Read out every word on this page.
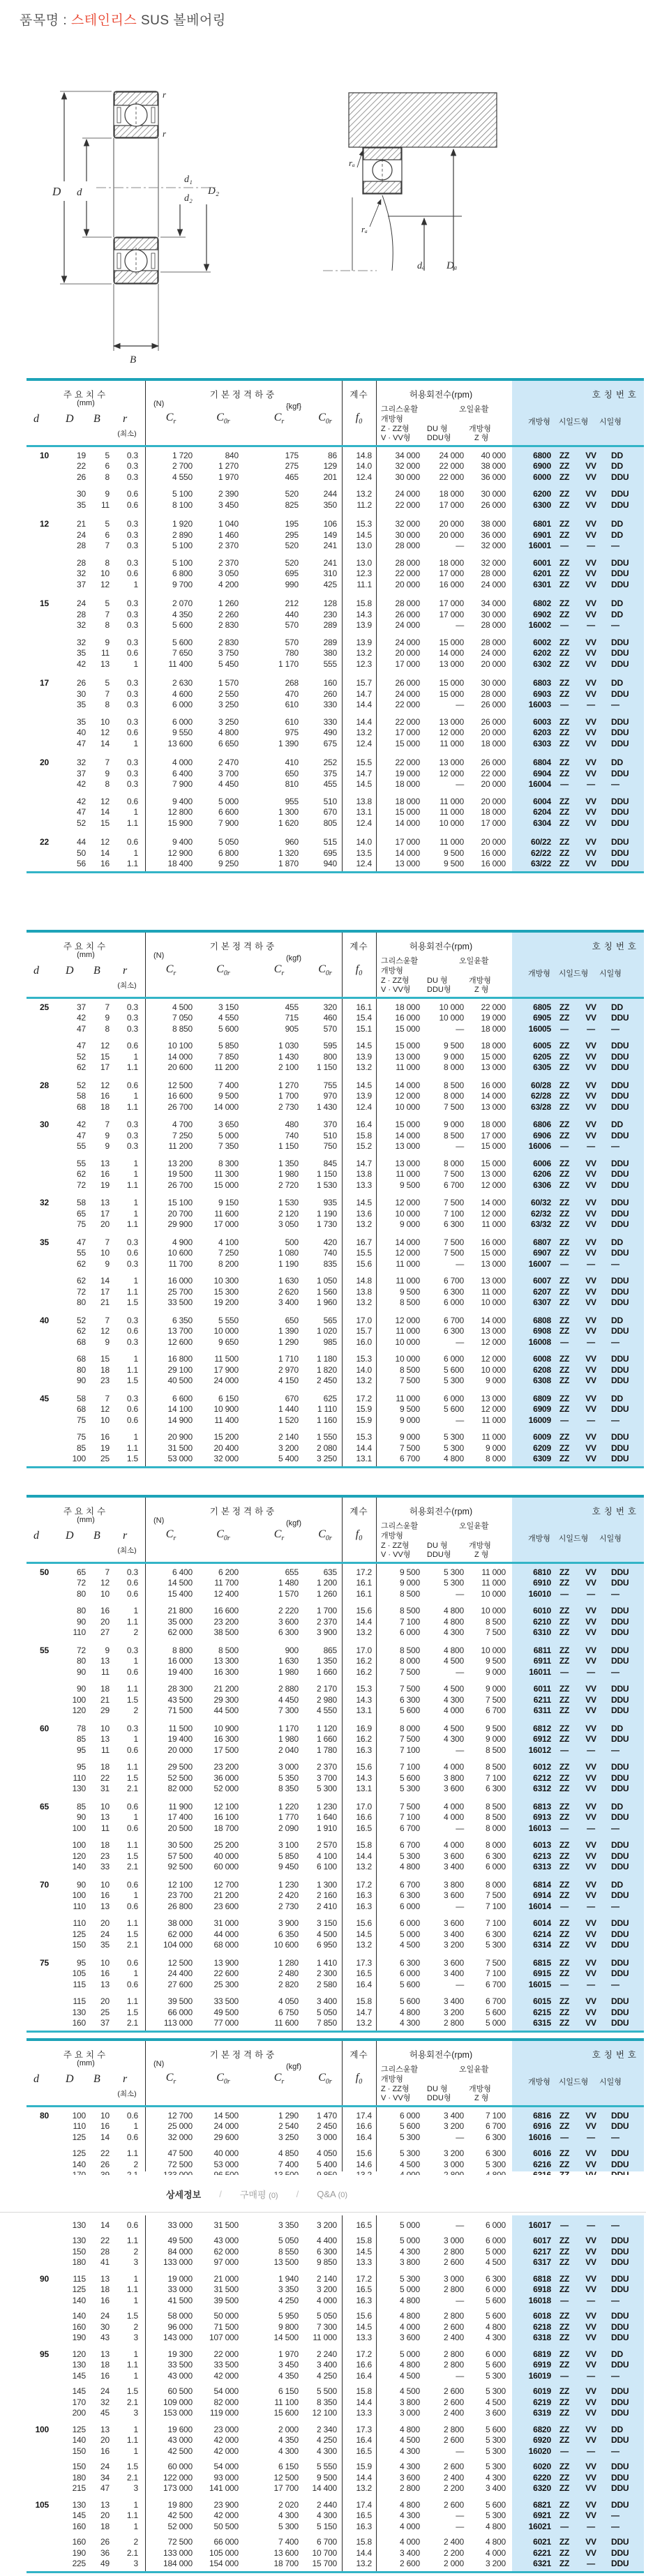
품목명 : 스테인리스 SUS 볼베어링
D d
d₁
d₂
D₂
B
r
r
rₐ
rₐ
dₐ Dₐ
주요치수
(mm)
d D B r
(최소)
기본정격하중
(N)	{kgf}
$C_r$	$C_{0r}$	$C_r$	$C_{0r}$
계수
$f_0$
허용회전수(rpm)
그리스윤활	오일윤활
개방형
Z · ZZ형 DU 형	개방형
V · VV형 DDU형	Z 형
호칭번호
개방형	시일드형	시일형
10	19	5	0.3	1 720	840	175	86	14.8	34 000	24 000	40 000	6800 ZZ	VV	DD
22	6	0.3	2 700	1 270	275	129	14.0	32 000	22 000	38 000	6900 ZZ	VV	DD
26	8	0.3	4 550	1 970	465	201	12.4	30 000	22 000	36 000	6000 ZZ	VV	DDU
30	9	0.6	5 100	2 390	520	244	13.2	24 000	18 000	30 000	6200 ZZ	VV	DDU
35	11	0.6	8 100	3 450	825	350	11.2	22 000	17 000	26 000	6300 ZZ	VV	DDU
12	21	5	0.3	1 920	1 040	195	106	15.3	32 000	20 000	38 000	6801 ZZ	VV	DD
24	6	0.3	2 890	1 460	295	149	14.5	30 000	20 000	36 000	6901 ZZ	VV	DD
28	7	0.3	5 100	2 370	520	241	13.0	28 000	—	32 000	16001	—	—	—
28	8	0.3	5 100	2 370	520	241	13.0	28 000	18 000	32 000	6001 ZZ	VV	DDU
32	10	0.6	6 800	3 050	695	310	12.3	22 000	17 000	28 000	6201 ZZ	VV	DDU
37	12	1	9 700	4 200	990	425	11.1	20 000	16 000	24 000	6301 ZZ	VV	DDU
15	24	5	0.3	2 070	1 260	212	128	15.8	28 000	17 000	34 000	6802 ZZ	VV	DD
28	7	0.3	4 350	2 260	440	230	14.3	26 000	17 000	30 000	6902 ZZ	VV	DD
32	8	0.3	5 600	2 830	570	289	13.9	24 000	—	28 000	16002	—	—	—
32	9	0.3	5 600	2 830	570	289	13.9	24 000	15 000	28 000	6002 ZZ	VV	DDU
35	11	0.6	7 650	3 750	780	380	13.2	20 000	14 000	24 000	6202 ZZ	VV	DDU
42	13	1	11 400	5 450	1 170	555	12.3	17 000	13 000	20 000	6302 ZZ	VV	DDU
17	26	5	0.3	2 630	1 570	268	160	15.7	26 000	15 000	30 000	6803 ZZ	VV	DD
30	7	0.3	4 600	2 550	470	260	14.7	24 000	15 000	28 000	6903 ZZ	VV	DDU
35	8	0.3	6 000	3 250	610	330	14.4	22 000	—	26 000	16003	—	—	—
35	10	0.3	6 000	3 250	610	330	14.4	22 000	13 000	26 000	6003 ZZ	VV	DDU
40	12	0.6	9 550	4 800	975	490	13.2	17 000	12 000	20 000	6203 ZZ	VV	DDU
47	14	1	13 600	6 650	1 390	675	12.4	15 000	11 000	18 000	6303 ZZ	VV	DDU
20	32	7	0.3	4 000	2 470	410	252	15.5	22 000	13 000	26 000	6804 ZZ	VV	DD
37	9	0.3	6 400	3 700	650	375	14.7	19 000	12 000	22 000	6904 ZZ	VV	DDU
42	8	0.3	7 900	4 450	810	455	14.5	18 000	—	20 000	16004	—	—	—
42	12	0.6	9 400	5 000	955	510	13.8	18 000	11 000	20 000	6004 ZZ	VV	DDU
47	14	1	12 800	6 600	1 300	670	13.1	15 000	11 000	18 000	6204 ZZ	VV	DDU
52	15	1.1	15 900	7 900	1 620	805	12.4	14 000	10 000	17 000	6304 ZZ	VV	DDU
22	44	12	0.6	9 400	5 050	960	515	14.0	17 000	11 000	20 000	60/22 ZZ	VV	DDU
50	14	1	12 900	6 800	1 320	695	13.5	14 000	9 500	16 000	62/22 ZZ	VV	DDU
56	16	1.1	18 400	9 250	1 870	940	12.4	13 000	9 500	16 000	63/22 ZZ	VV	DDU
주요치수
(mm)
d D B r
(최소)
기본정격하중
(N)	(kgf)
$C_r$	$C_{0r}$	$C_r$	$C_{0r}$
계수
$f_0$
허용회전수(rpm)
그리스윤활	오일윤활
개방형
Z · ZZ형 DU 형	개방형
V · VV형 DDU형	Z 형
호칭번호
개방형	시일드형	시일형
25	37	7	0.3	4 500	3 150	455	320	16.1	18 000	10 000	22 000	6805 ZZ	VV	DD
42	9	0.3	7 050	4 550	715	460	15.4	16 000	10 000	19 000	6905 ZZ	VV	DDU
47	8	0.3	8 850	5 600	905	570	15.1	15 000	—	18 000	16005	—	—	—
47	12	0.6	10 100	5 850	1 030	595	14.5	15 000	9 500	18 000	6005 ZZ	VV	DDU
52	15	1	14 000	7 850	1 430	800	13.9	13 000	9 000	15 000	6205 ZZ	VV	DDU
62	17	1.1	20 600	11 200	2 100	1 150	13.2	11 000	8 000	13 000	6305 ZZ	VV	DDU
28	52	12	0.6	12 500	7 400	1 270	755	14.5	14 000	8 500	16 000	60/28 ZZ	VV	DDU
58	16	1	16 600	9 500	1 700	970	13.9	12 000	8 000	14 000	62/28 ZZ	VV	DDU
68	18	1.1	26 700	14 000	2 730	1 430	12.4	10 000	7 500	13 000	63/28 ZZ	VV	DDU
30	42	7	0.3	4 700	3 650	480	370	16.4	15 000	9 000	18 000	6806 ZZ	VV	DD
47	9	0.3	7 250	5 000	740	510	15.8	14 000	8 500	17 000	6906 ZZ	VV	DDU
55	9	0.3	11 200	7 350	1 150	750	15.2	13 000	—	15 000	16006	—	—	—
55	13	1	13 200	8 300	1 350	845	14.7	13 000	8 000	15 000	6006 ZZ	VV	DDU
62	16	1	19 500	11 300	1 980	1 150	13.8	11 000	7 500	13 000	6206 ZZ	VV	DDU
72	19	1.1	26 700	15 000	2 720	1 530	13.3	9 500	6 700	12 000	6306 ZZ	VV	DDU
32	58	13	1	15 100	9 150	1 530	935	14.5	12 000	7 500	14 000	60/32 ZZ	VV	DDU
65	17	1	20 700	11 600	2 120	1 190	13.6	10 000	7 100	12 000	62/32 ZZ	VV	DDU
75	20	1.1	29 900	17 000	3 050	1 730	13.2	9 000	6 300	11 000	63/32 ZZ	VV	DDU
35	47	7	0.3	4 900	4 100	500	420	16.7	14 000	7 500	16 000	6807 ZZ	VV	DD
55	10	0.6	10 600	7 250	1 080	740	15.5	12 000	7 500	15 000	6907 ZZ	VV	DDU
62	9	0.3	11 700	8 200	1 190	835	15.6	11 000	—	13 000	16007	—	—	—
62	14	1	16 000	10 300	1 630	1 050	14.8	11 000	6 700	13 000	6007 ZZ	VV	DDU
72	17	1.1	25 700	15 300	2 620	1 560	13.8	9 500	6 300	11 000	6207 ZZ	VV	DDU
80	21	1.5	33 500	19 200	3 400	1 960	13.2	8 500	6 000	10 000	6307 ZZ	VV	DDU
40	52	7	0.3	6 350	5 550	650	565	17.0	12 000	6 700	14 000	6808 ZZ	VV	DD
62	12	0.6	13 700	10 000	1 390	1 020	15.7	11 000	6 300	13 000	6908 ZZ	VV	DDU
68	9	0.3	12 600	9 650	1 290	985	16.0	10 000	—	12 000	16008	—	—	—
68	15	1	16 800	11 500	1 710	1 180	15.3	10 000	6 000	12 000	6008 ZZ	VV	DDU
80	18	1.1	29 100	17 900	2 970	1 820	14.0	8 500	5 600	10 000	6208 ZZ	VV	DDU
90	23	1.5	40 500	24 000	4 150	2 450	13.2	7 500	5 300	9 000	6308 ZZ	VV	DDU
45	58	7	0.3	6 600	6 150	670	625	17.2	11 000	6 000	13 000	6809 ZZ	VV	DD
68	12	0.6	14 100	10 900	1 440	1 110	15.9	9 500	5 600	12 000	6909 ZZ	VV	DDU
75	10	0.6	14 900	11 400	1 520	1 160	15.9	9 000	—	11 000	16009	—	—	—
75	16	1	20 900	15 200	2 140	1 550	15.3	9 000	5 300	11 000	6009 ZZ	VV	DDU
85	19	1.1	31 500	20 400	3 200	2 080	14.4	7 500	5 300	9 000	6209 ZZ	VV	DDU
100	25	1.5	53 000	32 000	5 400	3 250	13.1	6 700	4 800	8 000	6309 ZZ	VV	DDU
주요치수
(mm)
d D B r
(최소)
기본정격하중
(N)	(kgf)
$C_r$	$C_{0r}$	$C_r$	$C_{0r}$
계수
$f_0$
허용회전수(rpm)
그리스윤활	오일윤활
개방형
Z · ZZ형 DU 형	개방형
V · VV형 DDU형	Z 형
호칭번호
개방형	시일드형	시일형
50	65	7	0.3	6 400	6 200	655	635	17.2	9 500	5 300	11 000	6810 ZZ	VV	DDU
72	12	0.6	14 500	11 700	1 480	1 200	16.1	9 000	5 300	11 000	6910 ZZ	VV	DDU
80	10	0.6	15 400	12 400	1 570	1 260	16.1	8 500	—	10 000	16010	—	—	—
80	16	1	21 800	16 600	2 220	1 700	15.6	8 500	4 800	10 000	6010 ZZ	VV	DDU
90	20	1.1	35 000	23 200	3 600	2 370	14.4	7 100	4 800	8 500	6210 ZZ	VV	DDU
110	27	2	62 000	38 500	6 300	3 900	13.2	6 000	4 300	7 500	6310 ZZ	VV	DDU
55	72	9	0.3	8 800	8 500	900	865	17.0	8 500	4 800	10 000	6811 ZZ	VV	DDU
80	13	1	16 000	13 300	1 630	1 350	16.2	8 000	4 500	9 500	6911 ZZ	VV	DDU
90	11	0.6	19 400	16 300	1 980	1 660	16.2	7 500	—	9 000	16011	—	—	—
90	18	1.1	28 300	21 200	2 880	2 170	15.3	7 500	4 500	9 000	6011 ZZ	VV	DDU
100	21	1.5	43 500	29 300	4 450	2 980	14.3	6 300	4 300	7 500	6211 ZZ	VV	DDU
120	29	2	71 500	44 500	7 300	4 550	13.1	5 600	4 000	6 700	6311 ZZ	VV	DDU
60	78	10	0.3	11 500	10 900	1 170	1 120	16.9	8 000	4 500	9 500	6812 ZZ	VV	DD
85	13	1	19 400	16 300	1 980	1 660	16.2	7 500	4 300	9 000	6912 ZZ	VV	DDU
95	11	0.6	20 000	17 500	2 040	1 780	16.3	7 100	—	8 500	16012	—	—	—
95	18	1.1	29 500	23 200	3 000	2 370	15.6	7 100	4 000	8 500	6012 ZZ	VV	DDU
110	22	1.5	52 500	36 000	5 350	3 700	14.3	5 600	3 800	7 100	6212 ZZ	VV	DDU
130	31	2.1	82 000	52 000	8 350	5 300	13.1	5 300	3 600	6 300	6312 ZZ	VV	DDU
65	85	10	0.6	11 900	12 100	1 220	1 230	17.0	7 500	4 000	8 500	6813 ZZ	VV	DD
90	13	1	17 400	16 100	1 770	1 640	16.6	7 100	4 000	8 500	6913 ZZ	VV	DDU
100	11	0.6	20 500	18 700	2 090	1 910	16.5	6 700	—	8 000	16013	—	—	—
100	18	1.1	30 500	25 200	3 100	2 570	15.8	6 700	4 000	8 000	6013 ZZ	VV	DDU
120	23	1.5	57 500	40 000	5 850	4 100	14.4	5 300	3 600	6 300	6213 ZZ	VV	DDU
140	33	2.1	92 500	60 000	9 450	6 100	13.2	4 800	3 400	6 000	6313 ZZ	VV	DDU
70	90	10	0.6	12 100	12 700	1 230	1 300	17.2	6 700	3 800	8 000	6814 ZZ	VV	DD
100	16	1	23 700	21 200	2 420	2 160	16.3	6 300	3 600	7 500	6914 ZZ	VV	DDU
110	13	0.6	26 800	23 600	2 730	2 410	16.3	6 000	—	7 100	16014	—	—	—
110	20	1.1	38 000	31 000	3 900	3 150	15.6	6 000	3 600	7 100	6014 ZZ	VV	DDU
125	24	1.5	62 000	44 000	6 350	4 500	14.5	5 000	3 400	6 300	6214 ZZ	VV	DDU
150	35	2.1	104 000	68 000	10 600	6 950	13.2	4 500	3 200	5 300	6314 ZZ	VV	DDU
75	95	10	0.6	12 500	13 900	1 280	1 410	17.3	6 300	3 600	7 500	6815 ZZ	VV	DDU
105	16	1	24 400	22 600	2 480	2 300	16.5	6 000	3 400	7 100	6915 ZZ	VV	DDU
115	13	0.6	27 600	25 300	2 820	2 580	16.4	5 600	—	6 700	16015	—	—	—
115	20	1.1	39 500	33 500	4 050	3 400	15.8	5 600	3 400	6 700	6015 ZZ	VV	DDU
130	25	1.5	66 000	49 500	6 750	5 050	14.7	4 800	3 200	5 600	6215 ZZ	VV	DDU
160	37	2.1	113 000	77 000	11 600	7 850	13.2	4 300	2 800	5 000	6315 ZZ	VV	DDU
주요치수
(mm)
d D B r
(최소)
기본정격하중
(N)	(kgf)
$C_r$	$C_{0r}$	$C_r$	$C_{0r}$
계수
$f_0$
허용회전수(rpm)
그리스윤활	오일윤활
개방형
Z · ZZ형 DU 형	개방형
V · VV형 DDU형	Z 형
호칭번호
개방형	시일드형	시일형
80	100	10	0.6	12 700	14 500	1 290	1 470	17.4	6 000	3 400	7 100	6816 ZZ	VV	DDU
110	16	1	25 000	24 000	2 540	2 450	16.6	5 600	3 200	6 700	6916 ZZ	VV	DDU
125	14	0.6	32 000	29 600	3 250	3 000	16.4	5 300	—	6 300	16016	—	—	—
125	22	1.1	47 500	40 000	4 850	4 050	15.6	5 300	3 200	6 300	6016 ZZ	VV	DDU
140	26	2	72 500	53 000	7 400	5 400	14.6	4 500	3 000	5 300	6216 ZZ	VV	DDU
상세정보 / 구매평 (0) / Q&A (0)
130	14	0.6	33 000	31 500	3 350	3 200	16.5	5 000	—	6 000	16017	—	—	—
130	22	1.1	49 500	43 000	5 050	4 400	15.8	5 000	3 000	6 000	6017 ZZ	VV	DDU
150	28	2	84 000	62 000	8 550	6 300	14.5	4 300	2 800	5 000	6217 ZZ	VV	DDU
180	41	3	133 000	97 000	13 500	9 850	13.3	3 800	2 600	4 500	6317 ZZ	VV	DDU
90	115	13	1	19 000	21 000	1 940	2 140	17.2	5 300	3 000	6 300	6818 ZZ	VV	DDU
125	18	1.1	33 000	31 500	3 350	3 200	16.5	5 000	2 800	6 000	6918 ZZ	VV	DDU
140	16	1	41 500	39 500	4 250	4 000	16.3	4 800	—	5 600	16018	—	—	—
140	24	1.5	58 000	50 000	5 950	5 050	15.6	4 800	2 800	5 600	6018 ZZ	VV	DDU
160	30	2	96 000	71 500	9 800	7 300	14.5	4 000	2 600	4 800	6218 ZZ	VV	DDU
190	43	3	143 000	107 000	14 500	11 000	13.3	3 600	2 400	4 300	6318 ZZ	VV	DDU
95	120	13	1	19 300	22 000	1 970	2 240	17.2	5 000	2 800	6 000	6819 ZZ	VV	DD
130	18	1.1	33 500	33 500	3 450	3 400	16.6	4 800	2 800	5 600	6919 ZZ	VV	DDU
145	16	1	43 000	42 000	4 350	4 250	16.4	4 500	—	5 300	16019	—	—	—
145	24	1.5	60 500	54 000	6 150	5 500	15.8	4 500	2 600	5 300	6019 ZZ	VV	DDU
170	32	2.1	109 000	82 000	11 100	8 350	14.4	3 800	2 600	4 500	6219 ZZ	VV	DDU
200	45	3	153 000	119 000	15 600	12 100	13.3	3 000	2 400	3 600	6319 ZZ	VV	DDU
100	125	13	1	19 600	23 000	2 000	2 340	17.3	4 800	2 800	5 600	6820 ZZ	VV	DD
140	20	1.1	43 000	42 000	4 350	4 250	16.4	4 500	2 600	5 300	6920 ZZ	VV	DDU
150	16	1	42 500	42 000	4 300	4 300	16.5	4 300	—	5 300	16020	—	—	—
150	24	1.5	60 000	54 000	6 150	5 550	15.9	4 300	2 600	5 300	6020 ZZ	VV	DDU
180	34	2.1	122 000	93 000	12 500	9 500	14.4	3 600	2 400	4 300	6220 ZZ	VV	DDU
215	47	3	173 000	141 000	17 700	14 400	13.2	2 800	2 200	3 400	6320 ZZ	VV	DDU
105	130	13	1	19 800	23 900	2 020	2 440	17.4	4 800	2 600	5 600	6821 ZZ	VV	DDU
145	20	1.1	42 500	42 000	4 300	4 300	16.5	4 300	—	5 300	6921 ZZ	VV	—
160	18	1	52 000	50 500	5 300	5 150	16.3	4 000	—	4 800	16021	—	—	—
160	26	2	72 500	66 000	7 400	6 700	15.8	4 000	2 400	4 800	6021 ZZ	VV	DDU
190	36	2.1	133 000	105 000	13 600	10 700	14.4	3 400	2 200	4 000	6221 ZZ	VV	DDU
225	49	3	184 000	154 000	18 700	15 700	13.2	2 600	2 000	3 200	6321 ZZ	—	DDU
